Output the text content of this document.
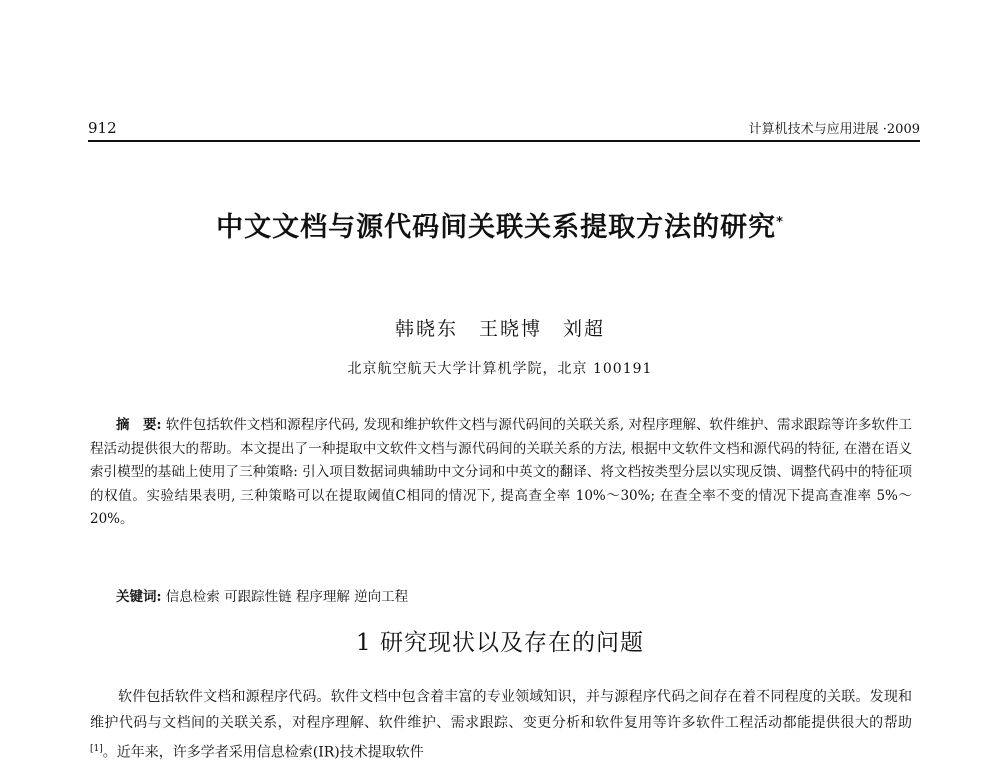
912	计算机技术与应用进展 ·2009
中文文档与源代码间关联关系提取方法的研究*
韩晓东　王晓博　刘超
北京航空航天大学计算机学院，北京 100191

摘　要: 软件包括软件文档和源程序代码, 发现和维护软件文档与源代码间的关联关系, 对程序理解、软件维护、需求跟踪等许多软件工程活动提供很大的帮助。本文提出了一种提取中文软件文档与源代码间的关联关系的方法, 根据中文软件文档和源代码的特征, 在潜在语义索引模型的基础上使用了三种策略: 引入项目数据词典辅助中文分词和中英文的翻译、将文档按类型分层以实现反馈、调整代码中的特征项的权值。实验结果表明, 三种策略可以在提取阈值C相同的情况下, 提高查全率 10%～30%; 在查全率不变的情况下提高查准率 5%～20%。

关键词: 信息检索 可跟踪性链 程序理解 逆向工程
1 研究现状以及存在的问题

软件包括软件文档和源程序代码。软件文档中包含着丰富的专业领域知识，并与源程序代码之间存在着不同程度的关联。发现和维护代码与文档间的关联关系，对程序理解、软件维护、需求跟踪、变更分析和软件复用等许多软件工程活动都能提供很大的帮助[1]。近年来，许多学者采用信息检索(IR)技术提取软件
